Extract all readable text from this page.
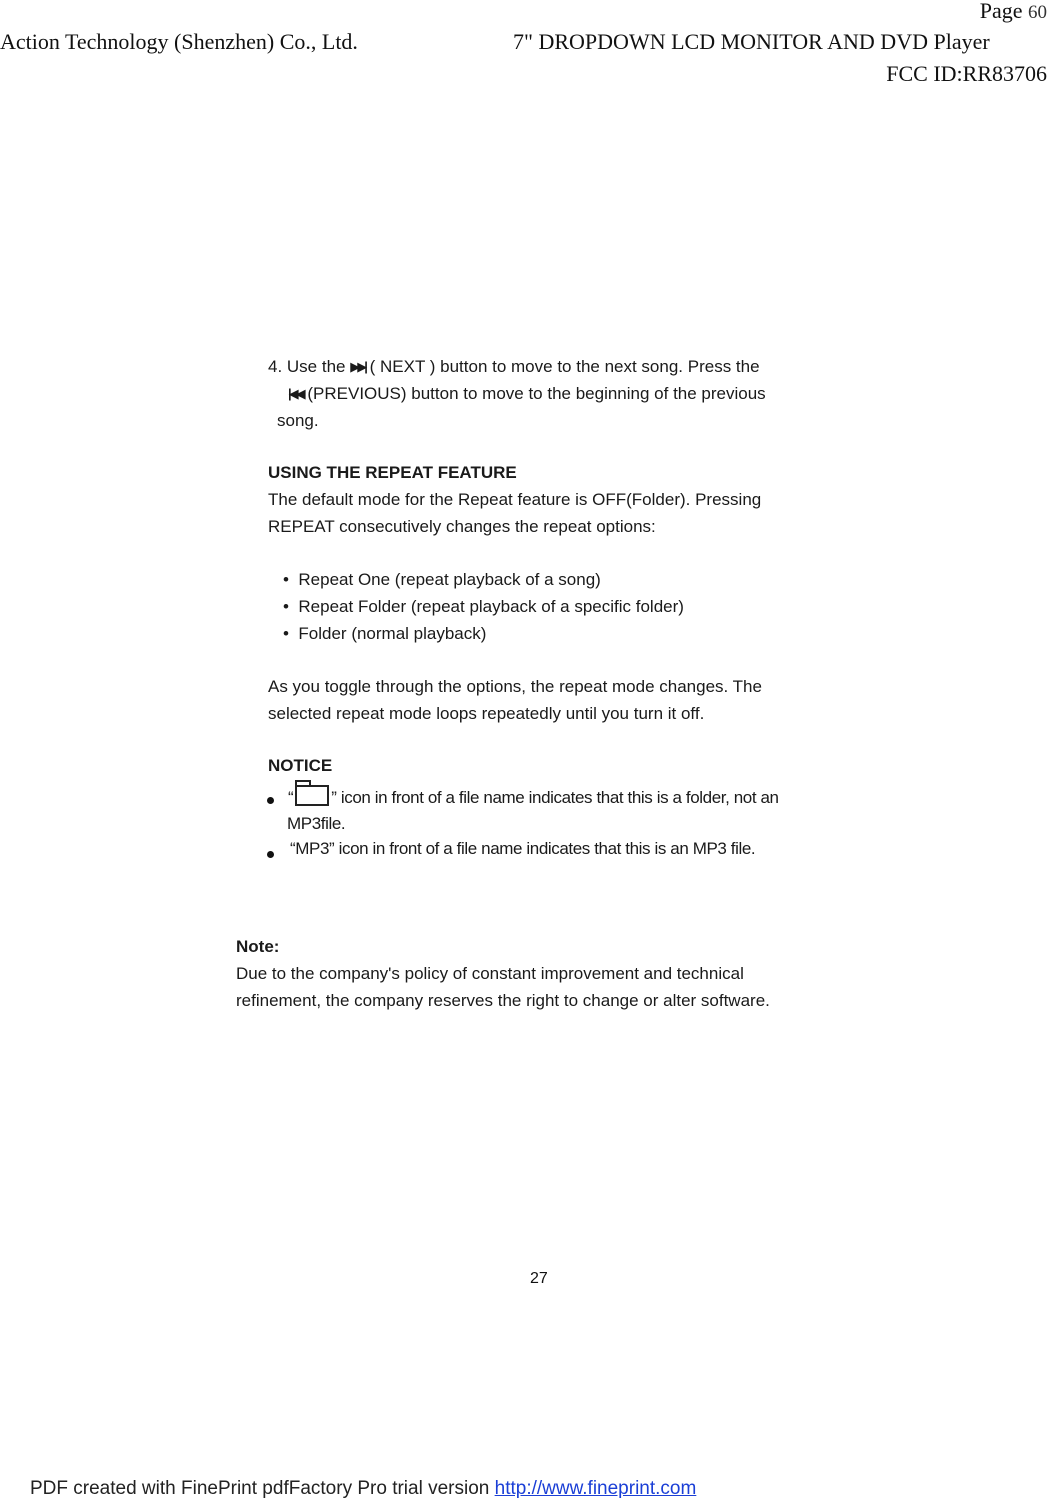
Page 60
Action Technology (Shenzhen) Co., Ltd.	7" DROPDOWN LCD MONITOR AND DVD Player
FCC ID:RR83706
4. Use the ▶▶| ( NEXT ) button to move to the next song. Press the
|◀◀ (PREVIOUS) button to move to the beginning of the previous
song.
USING THE REPEAT FEATURE
The default mode for the Repeat feature is OFF(Folder). Pressing
REPEAT consecutively changes the repeat options:
•  Repeat One (repeat playback of a song)
•  Repeat Folder (repeat playback of a specific folder)
•  Folder (normal playback)
As you toggle through the options, the repeat mode changes. The
selected repeat mode loops repeatedly until you turn it off.
NOTICE
“ ” icon in front of a file name indicates that this is a folder, not an
MP3file.
“MP3” icon in front of a file name indicates that this is an MP3 file.
Note:
Due to the company's policy of constant improvement and technical
refinement, the company reserves the right to change or alter software.
27
PDF created with FinePrint pdfFactory Pro trial version http://www.fineprint.com
